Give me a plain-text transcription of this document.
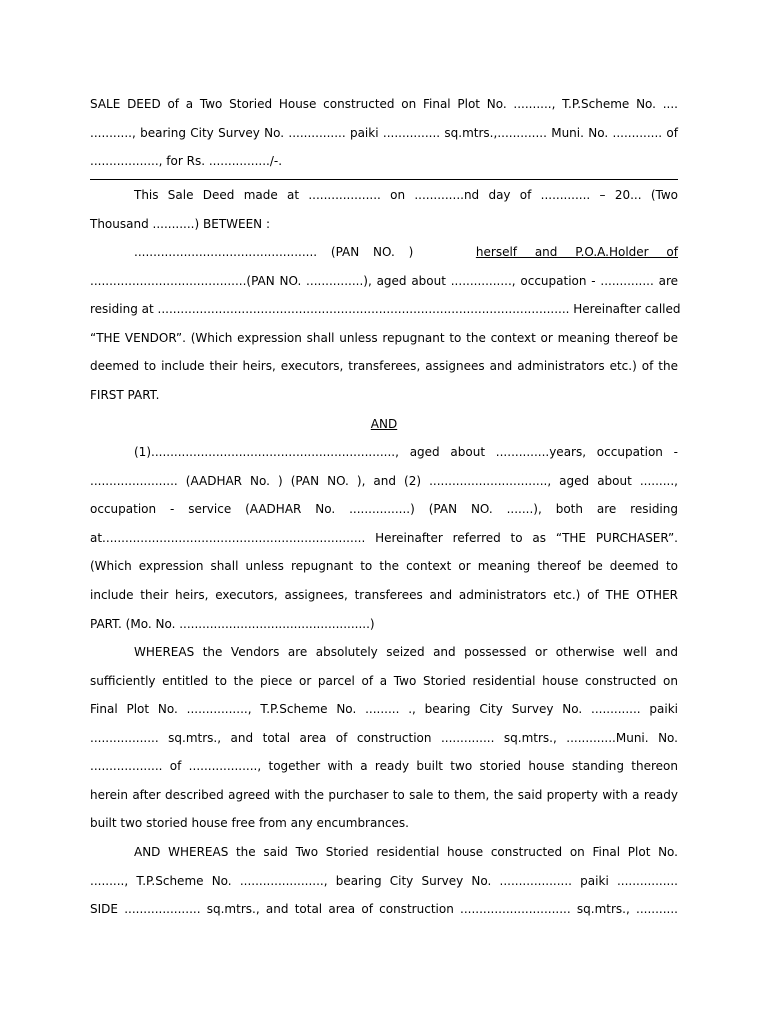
SALE DEED of a Two Storied House constructed on Final Plot No. .........., T.P.Scheme No. ....
..........., bearing City Survey No. ............... paiki ............... sq.mtrs.,............. Muni. No. ............. of
.................., for Rs. ................/-.
This Sale Deed made at ................... on .............nd day of ............. – 20... (Two
Thousand ...........) BETWEEN :
................................................ (PAN NO. )	herself and P.O.A.Holder of
.........................................(PAN NO. ...............), aged about ................, occupation - .............. are
residing at ............................................................................................................ Hereinafter called
“THE VENDOR”. (Which expression shall unless repugnant to the context or meaning thereof be
deemed to include their heirs, executors, transferees, assignees and administrators etc.) of the
FIRST PART.
AND
(1)................................................................, aged about ..............years, occupation -
....................... (AADHAR No. ) (PAN NO. ), and (2) ..............................., aged about .........,
occupation - service (AADHAR No. ................) (PAN NO. .......), both are residing
at..................................................................... Hereinafter referred to as “THE PURCHASER”.
(Which expression shall unless repugnant to the context or meaning thereof be deemed to
include their heirs, executors, assignees, transferees and administrators etc.) of THE OTHER
PART. (Mo. No. ..................................................)
WHEREAS the Vendors are absolutely seized and possessed or otherwise well and
sufficiently entitled to the piece or parcel of a Two Storied residential house constructed on
Final Plot No. ................, T.P.Scheme No. ......... ., bearing City Survey No. ............. paiki
.................. sq.mtrs., and total area of construction .............. sq.mtrs., .............Muni. No.
................... of .................., together with a ready built two storied house standing thereon
herein after described agreed with the purchaser to sale to them, the said property with a ready
built two storied house free from any encumbrances.
AND WHEREAS the said Two Storied residential house constructed on Final Plot No.
........., T.P.Scheme No. ......................, bearing City Survey No. ................... paiki ................
SIDE .................... sq.mtrs., and total area of construction ............................. sq.mtrs., ...........
